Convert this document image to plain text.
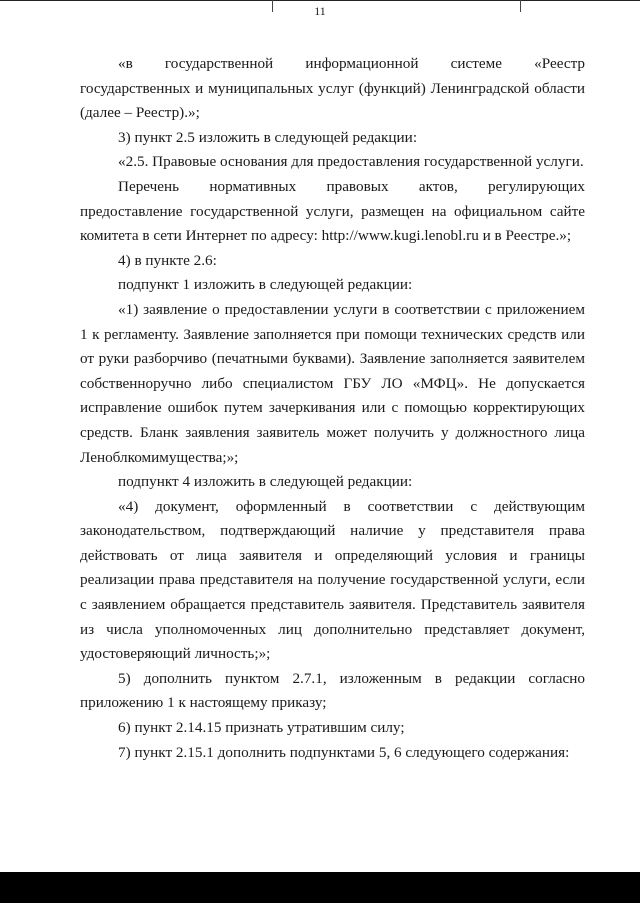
11

«в государственной информационной системе «Реестр

государственных и муниципальных услуг (функций) Ленинградской области

(далее – Реестр).»;

3) пункт 2.5 изложить в следующей редакции:

«2.5. Правовые основания для предоставления государственной услуги.

Перечень нормативных правовых актов, регулирующих

предоставление государственной услуги, размещен на официальном сайте

комитета в сети Интернет по адресу: http://www.kugi.lenobl.ru и в Реестре.»;

4) в пункте 2.6:

подпункт 1 изложить в следующей редакции:

«1) заявление о предоставлении услуги в соответствии с приложением

1 к регламенту. Заявление заполняется при помощи технических средств или

от руки разборчиво (печатными буквами). Заявление заполняется заявителем

собственноручно либо специалистом ГБУ ЛО «МФЦ». Не допускается

исправление ошибок путем зачеркивания или с помощью корректирующих

средств. Бланк заявления заявитель может получить у должностного лица

Леноблкомимущества;»;

подпункт 4 изложить в следующей редакции:

«4) документ, оформленный в соответствии с действующим

законодательством, подтверждающий наличие у представителя права

действовать от лица заявителя и определяющий условия и границы

реализации права представителя на получение государственной услуги, если

с заявлением обращается представитель заявителя. Представитель заявителя

из числа уполномоченных лиц дополнительно представляет документ,

удостоверяющий личность;»;

5) дополнить пунктом 2.7.1, изложенным в редакции согласно

приложению 1 к настоящему приказу;

6) пункт 2.14.15 признать утратившим силу;

7) пункт 2.15.1 дополнить подпунктами 5, 6 следующего содержания:
